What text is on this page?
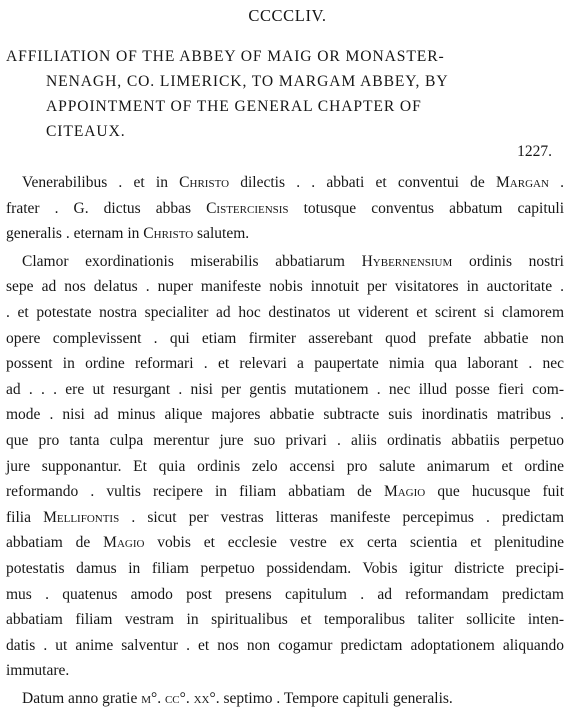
CCCCLIV.
AFFILIATION OF THE ABBEY OF MAIG OR MONASTER-
NENAGH, CO. LIMERICK, TO MARGAM ABBEY, BY
APPOINTMENT OF THE GENERAL CHAPTER OF
CITEAUX.
1227.
Venerabilibus . et in Christo dilectis . . abbati et conventui de Margan .
frater . G. dictus abbas Cisterciensis totusque conventus abbatum capituli
generalis . eternam in Christo salutem.
Clamor exordinationis miserabilis abbatiarum Hybernensium ordinis nostri
sepe ad nos delatus . nuper manifeste nobis innotuit per visitatores in auctoritate .
. et potestate nostra specialiter ad hoc destinatos ut viderent et scirent si clamorem
opere complevissent . qui etiam firmiter asserebant quod prefate abbatie non
possent in ordine reformari . et relevari a paupertate nimia qua laborant . nec
ad . . . ere ut resurgant . nisi per gentis mutationem . nec illud posse fieri com-
mode . nisi ad minus alique majores abbatie subtracte suis inordinatis matribus .
que pro tanta culpa merentur jure suo privari . aliis ordinatis abbatiis perpetuo
jure supponantur. Et quia ordinis zelo accensi pro salute animarum et ordine
reformando . vultis recipere in filiam abbatiam de Magio que hucusque fuit
filia Mellifontis . sicut per vestras litteras manifeste percepimus . predictam
abbatiam de Magio vobis et ecclesie vestre ex certa scientia et plenitudine
potestatis damus in filiam perpetuo possidendam. Vobis igitur districte precipi-
mus . quatenus amodo post presens capitulum . ad reformandam predictam
abbatiam filiam vestram in spiritualibus et temporalibus taliter sollicite inten-
datis . ut anime salventur . et nos non cogamur predictam adoptationem aliquando
immutare.
Datum anno gratie m°. cc°. xx°. septimo . Tempore capituli generalis.
